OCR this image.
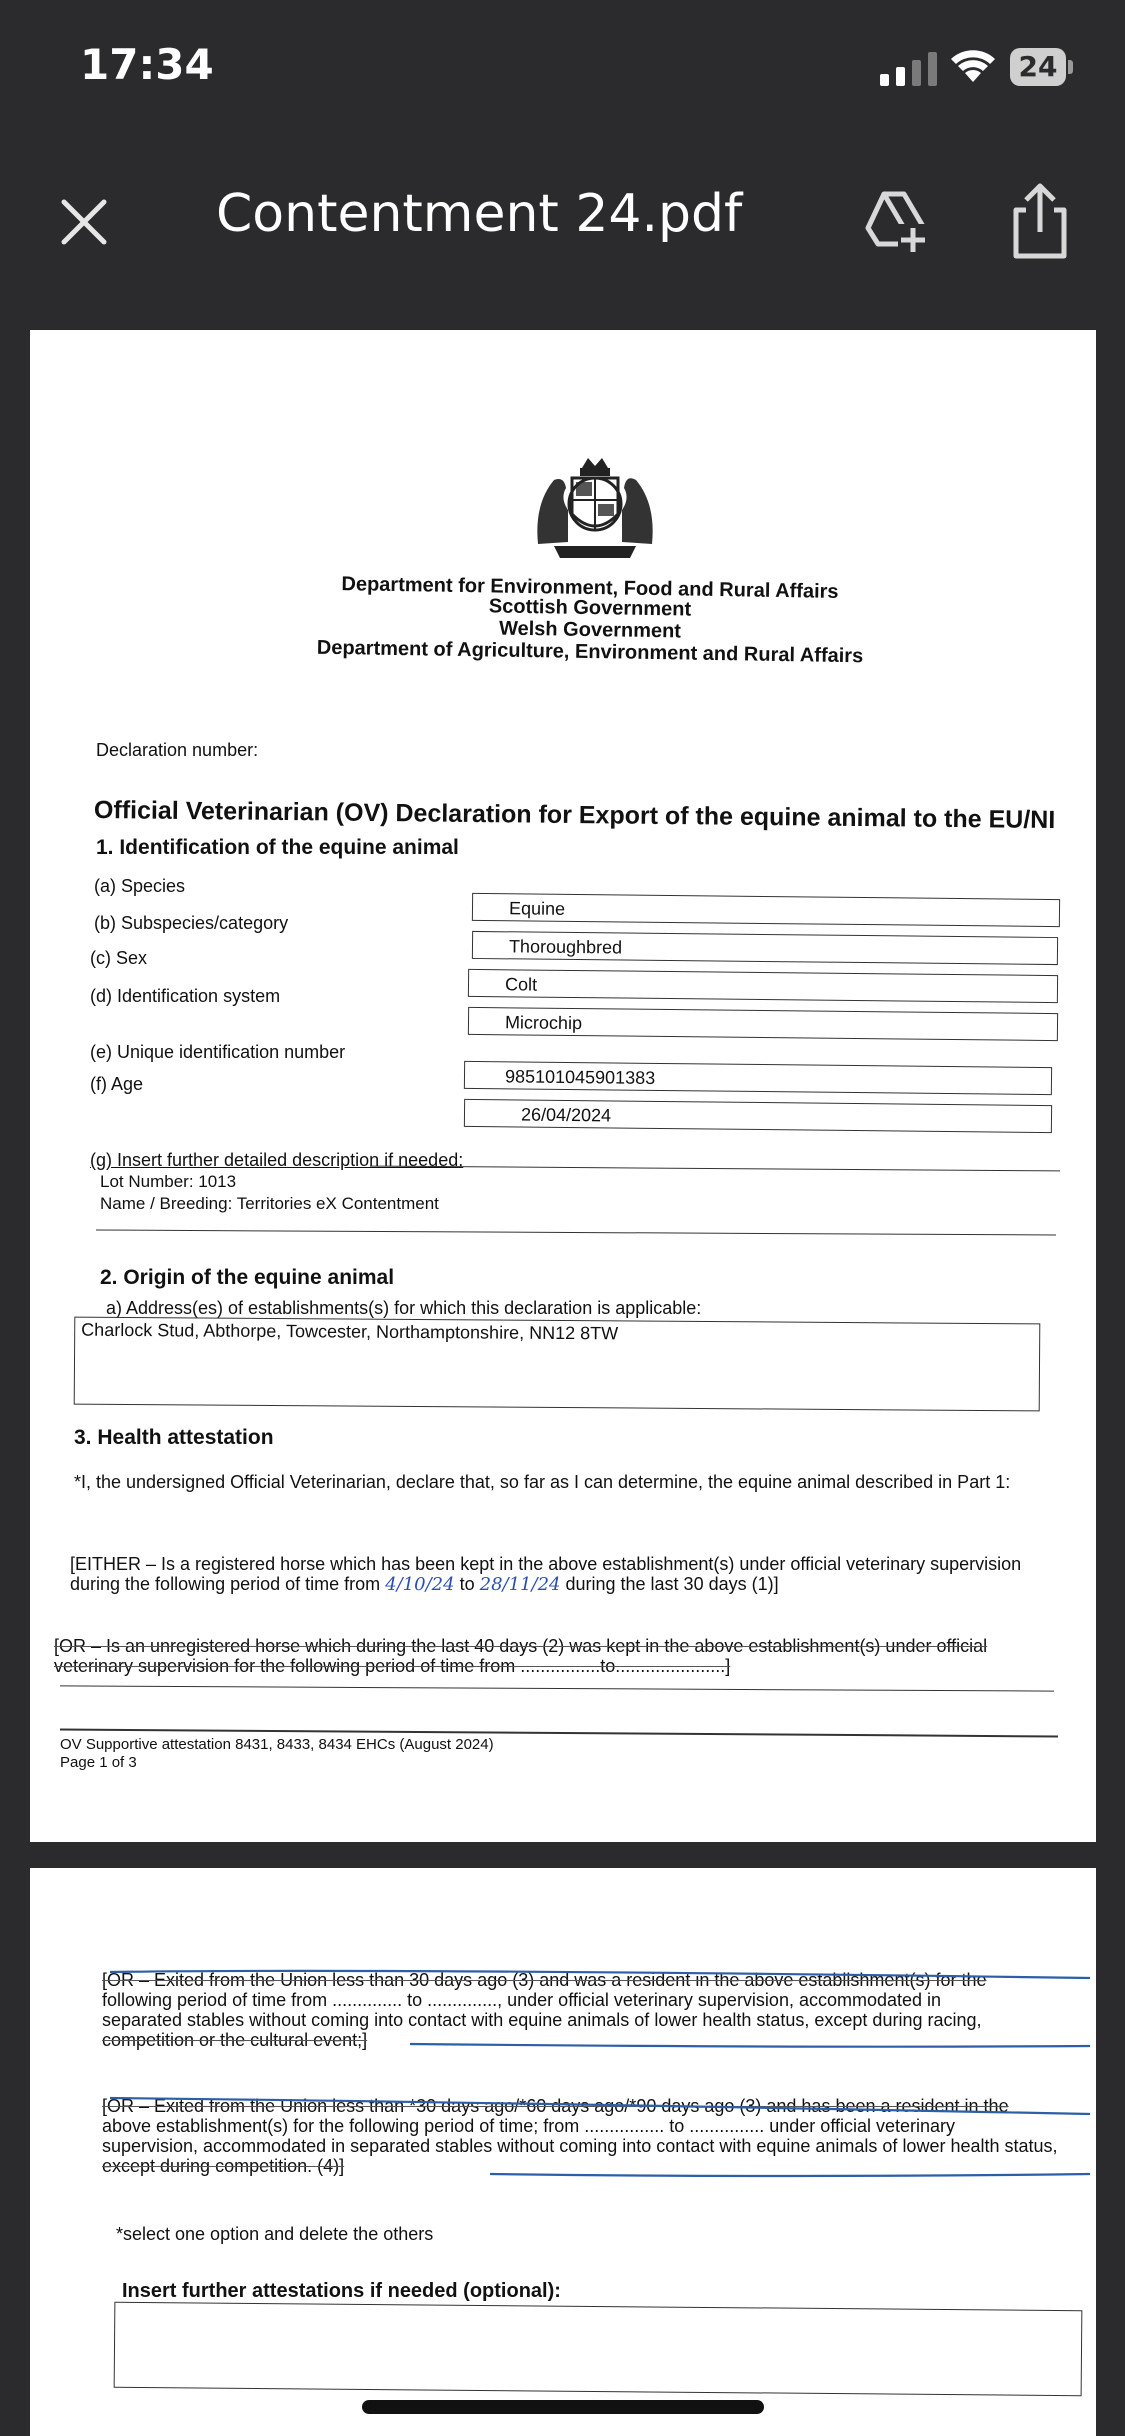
17:34	24
Contentment 24.pdf
Department for Environment, Food and Rural Affairs
Scottish Government
Welsh Government
Department of Agriculture, Environment and Rural Affairs
Declaration number:
Official Veterinarian (OV) Declaration for Export of the equine animal to the EU/NI
1. Identification of the equine animal
(a) Species
Equine
(b) Subspecies/category
Thoroughbred
(c) Sex
Colt
(d) Identification system
Microchip
(e) Unique identification number
985101045901383
(f) Age
26/04/2024
(g) Insert further detailed description if needed:
Lot Number: 1013
Name / Breeding: Territories eX Contentment
2. Origin of the equine animal
a) Address(es) of establishments(s) for which this declaration is applicable:
Charlock Stud, Abthorpe, Towcester, Northamptonshire, NN12 8TW
3. Health attestation
*I, the undersigned Official Veterinarian, declare that, so far as I can determine, the equine animal described in Part 1:
[EITHER – Is a registered horse which has been kept in the above establishment(s) under official veterinary supervision during the following period of time from 4/10/24 to 28/11/24 during the last 30 days (1)]
[OR – Is an unregistered horse which during the last 40 days (2) was kept in the above establishment(s) under official
veterinary supervision for the following period of time from ................to......................]
OV Supportive attestation 8431, 8433, 8434 EHCs (August 2024)
Page 1 of 3
[OR – Exited from the Union less than 30 days ago (3) and was a resident in the above establishment(s) for the
following period of time from .............. to .............., under official veterinary supervision, accommodated in
separated stables without coming into contact with equine animals of lower health status, except during racing,
competition or the cultural event;]
[OR – Exited from the Union less than *30 days ago/*60 days ago/*90 days ago (3) and has been a resident in the
above establishment(s) for the following period of time; from ................ to ............... under official veterinary
supervision, accommodated in separated stables without coming into contact with equine animals of lower health status,
except during competition. (4)]
*select one option and delete the others
Insert further attestations if needed (optional):
